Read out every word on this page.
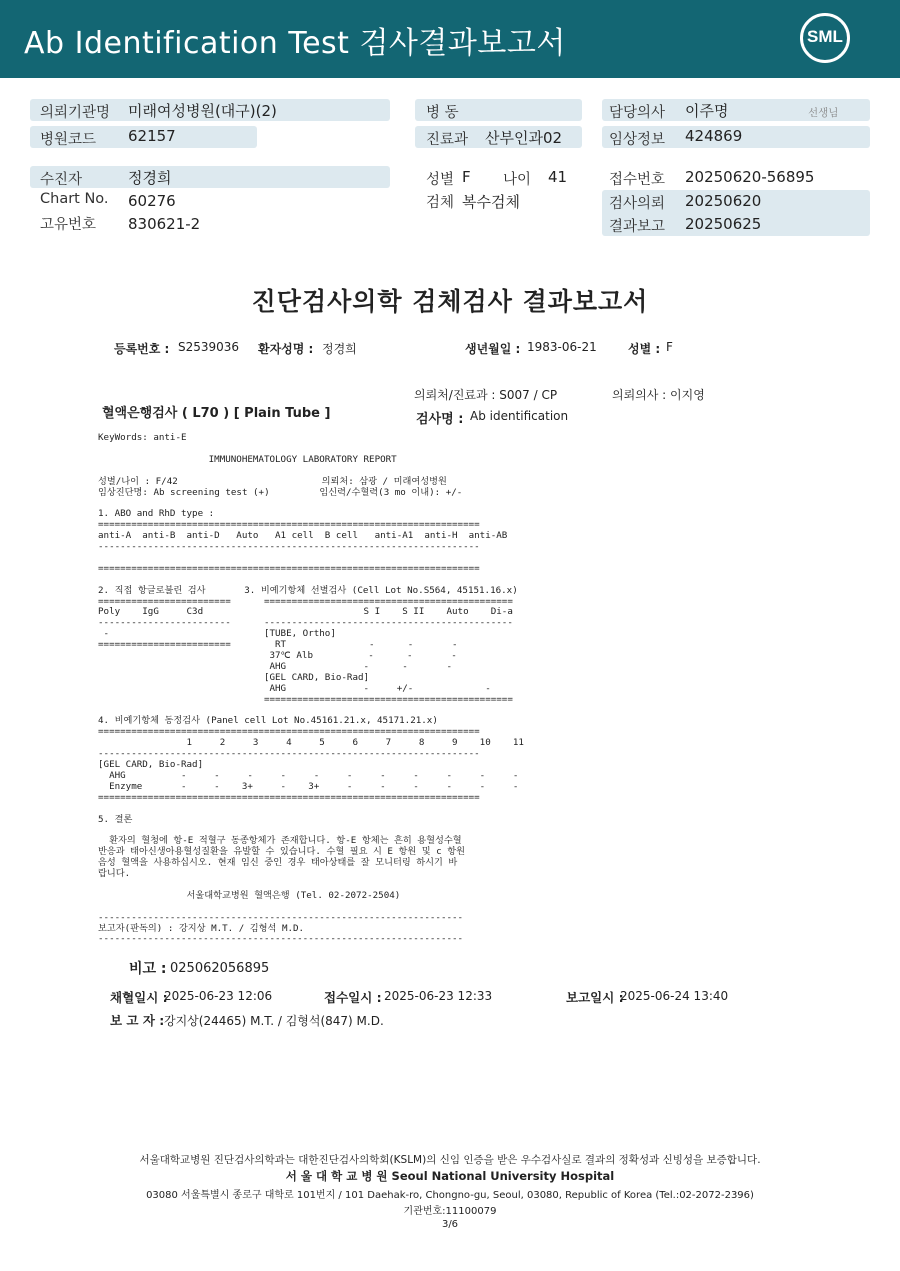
Ab Identification Test 검사결과보고서	SML
의뢰기관명 미래여성병원(대구)(2)
병원코드 62157
수진자	정경희
Chart No. 60276
고유번호 830621-2
병 동
진료과 산부인과02
성별 F 나이 41
검체 복수검체
담당의사 이주명	선생님
임상정보 424869
접수번호 20250620-56895
검사의뢰 20250620
결과보고 20250625
진단검사의학 검체검사 결과보고서
등록번호 : S2539036 환자성명 : 정경희	생년월일 : 1983-06-21	성별 : F
의뢰처/진료과 : S007 / CP	의뢰의사 : 이지영
혈액은행검사 ( L70 ) [ Plain Tube ]	검사명 : Ab identification
KeyWords: anti-E
IMMUNOHEMATOLOGY LABORATORY REPORT
성별/나이 : F/42                          의뢰처: 삼광 / 미래여성병원
임상진단명: Ab screening test (+)         임신력/수혈력(3 mo 이내): +/-
1. ABO and RhD type :
=====================================================================
anti-A  anti-B  anti-D   Auto   A1 cell  B cell   anti-A1  anti-H  anti-AB
---------------------------------------------------------------------
=====================================================================
2. 직접 항글로불린 검사       3. 비예기항체 선별검사 (Cell Lot No.S564, 45151.16.x)
========================      =============================================
Poly    IgG     C3d                             S I    S II    Auto    Di-a
------------------------      ---------------------------------------------
-                            [TUBE, Ortho]
========================        RT               -      -       -
37℃ Alb          -      -       -
AHG              -      -       -
[GEL CARD, Bio-Rad]
AHG              -     +/-             -
=============================================
4. 비예기항체 동정검사 (Panel cell Lot No.45161.21.x, 45171.21.x)
=====================================================================
1     2     3     4     5     6     7     8     9    10    11
---------------------------------------------------------------------
[GEL CARD, Bio-Rad]
AHG          -     -     -     -     -     -     -     -     -     -     -
Enzyme       -     -    3+     -    3+     -     -     -     -     -     -
=====================================================================
5. 결론
환자의 혈청에 항-E 적혈구 동종항체가 존재합니다. 항-E 항체는 흔히 용혈성수혈
반응과 태아신생아용혈성질환을 유발할 수 있습니다. 수혈 필요 시 E 항원 및 c 항원
음성 혈액을 사용하십시오. 현재 임신 중인 경우 태아상태를 잘 모니터링 하시기 바
랍니다.
서울대학교병원 혈액은행 (Tel. 02-2072-2504)
------------------------------------------------------------------
보고자(판독의) : 강지상 M.T. / 김형석 M.D.
------------------------------------------------------------------
비고 : 025062056895
채혈일시 :
2025-06-23 12:06	접수일시 : 2025-06-23 12:33	보고일시 :
2025-06-24 13:40
보 고 자 : 강지상(24465) M.T. / 김형석(847) M.D.
서울대학교병원 진단검사의학과는 대한진단검사의학회(KSLM)의 신임 인증을 받은 우수검사실로 결과의 정확성과 신빙성을 보증합니다.
서 울 대 학 교 병 원 Seoul National University Hospital
03080 서울특별시 종로구 대학로 101번지 / 101 Daehak-ro, Chongno-gu, Seoul, 03080, Republic of Korea (Tel.:02-2072-2396)
기관번호:11100079
3/6
